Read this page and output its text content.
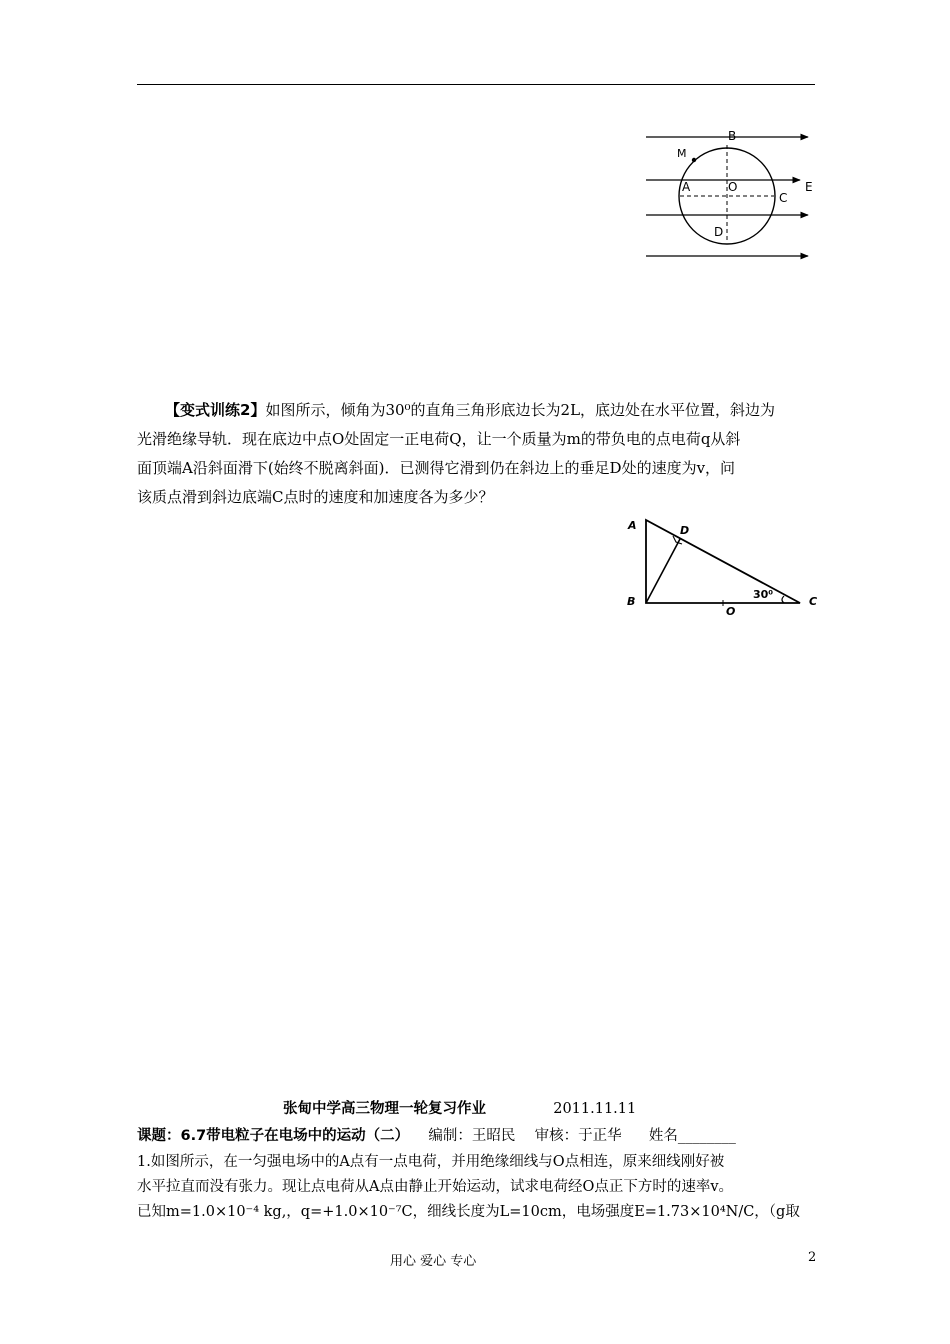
B
M
A	O
C
E
D
【变式训练2】如图所示，倾角为30⁰的直角三角形底边长为2L，底边处在水平位置，斜边为
光滑绝缘导轨．现在底边中点O处固定一正电荷Q，让一个质量为m的带负电的点电荷q从斜
面顶端A沿斜面滑下(始终不脱离斜面)．已测得它滑到仍在斜边上的垂足D处的速度为v，问
该质点滑到斜边底端C点时的速度和加速度各为多少？
A	D
B
O
C
30⁰
张甸中学高三物理一轮复习作业	2011.11.11
课题：6.7带电粒子在电场中的运动（二） 编制：王昭民 审核：于正华 姓名________
1.如图所示，在一匀强电场中的A点有一点电荷，并用绝缘细线与O点相连，原来细线刚好被
水平拉直而没有张力。现让点电荷从A点由静止开始运动，试求电荷经O点正下方时的速率v。
已知m=1.0×10⁻⁴ kg,，q=+1.0×10⁻⁷C，细线长度为L=10cm，电场强度E=1.73×10⁴N/C，（g取
用心 爱心 专心	2
